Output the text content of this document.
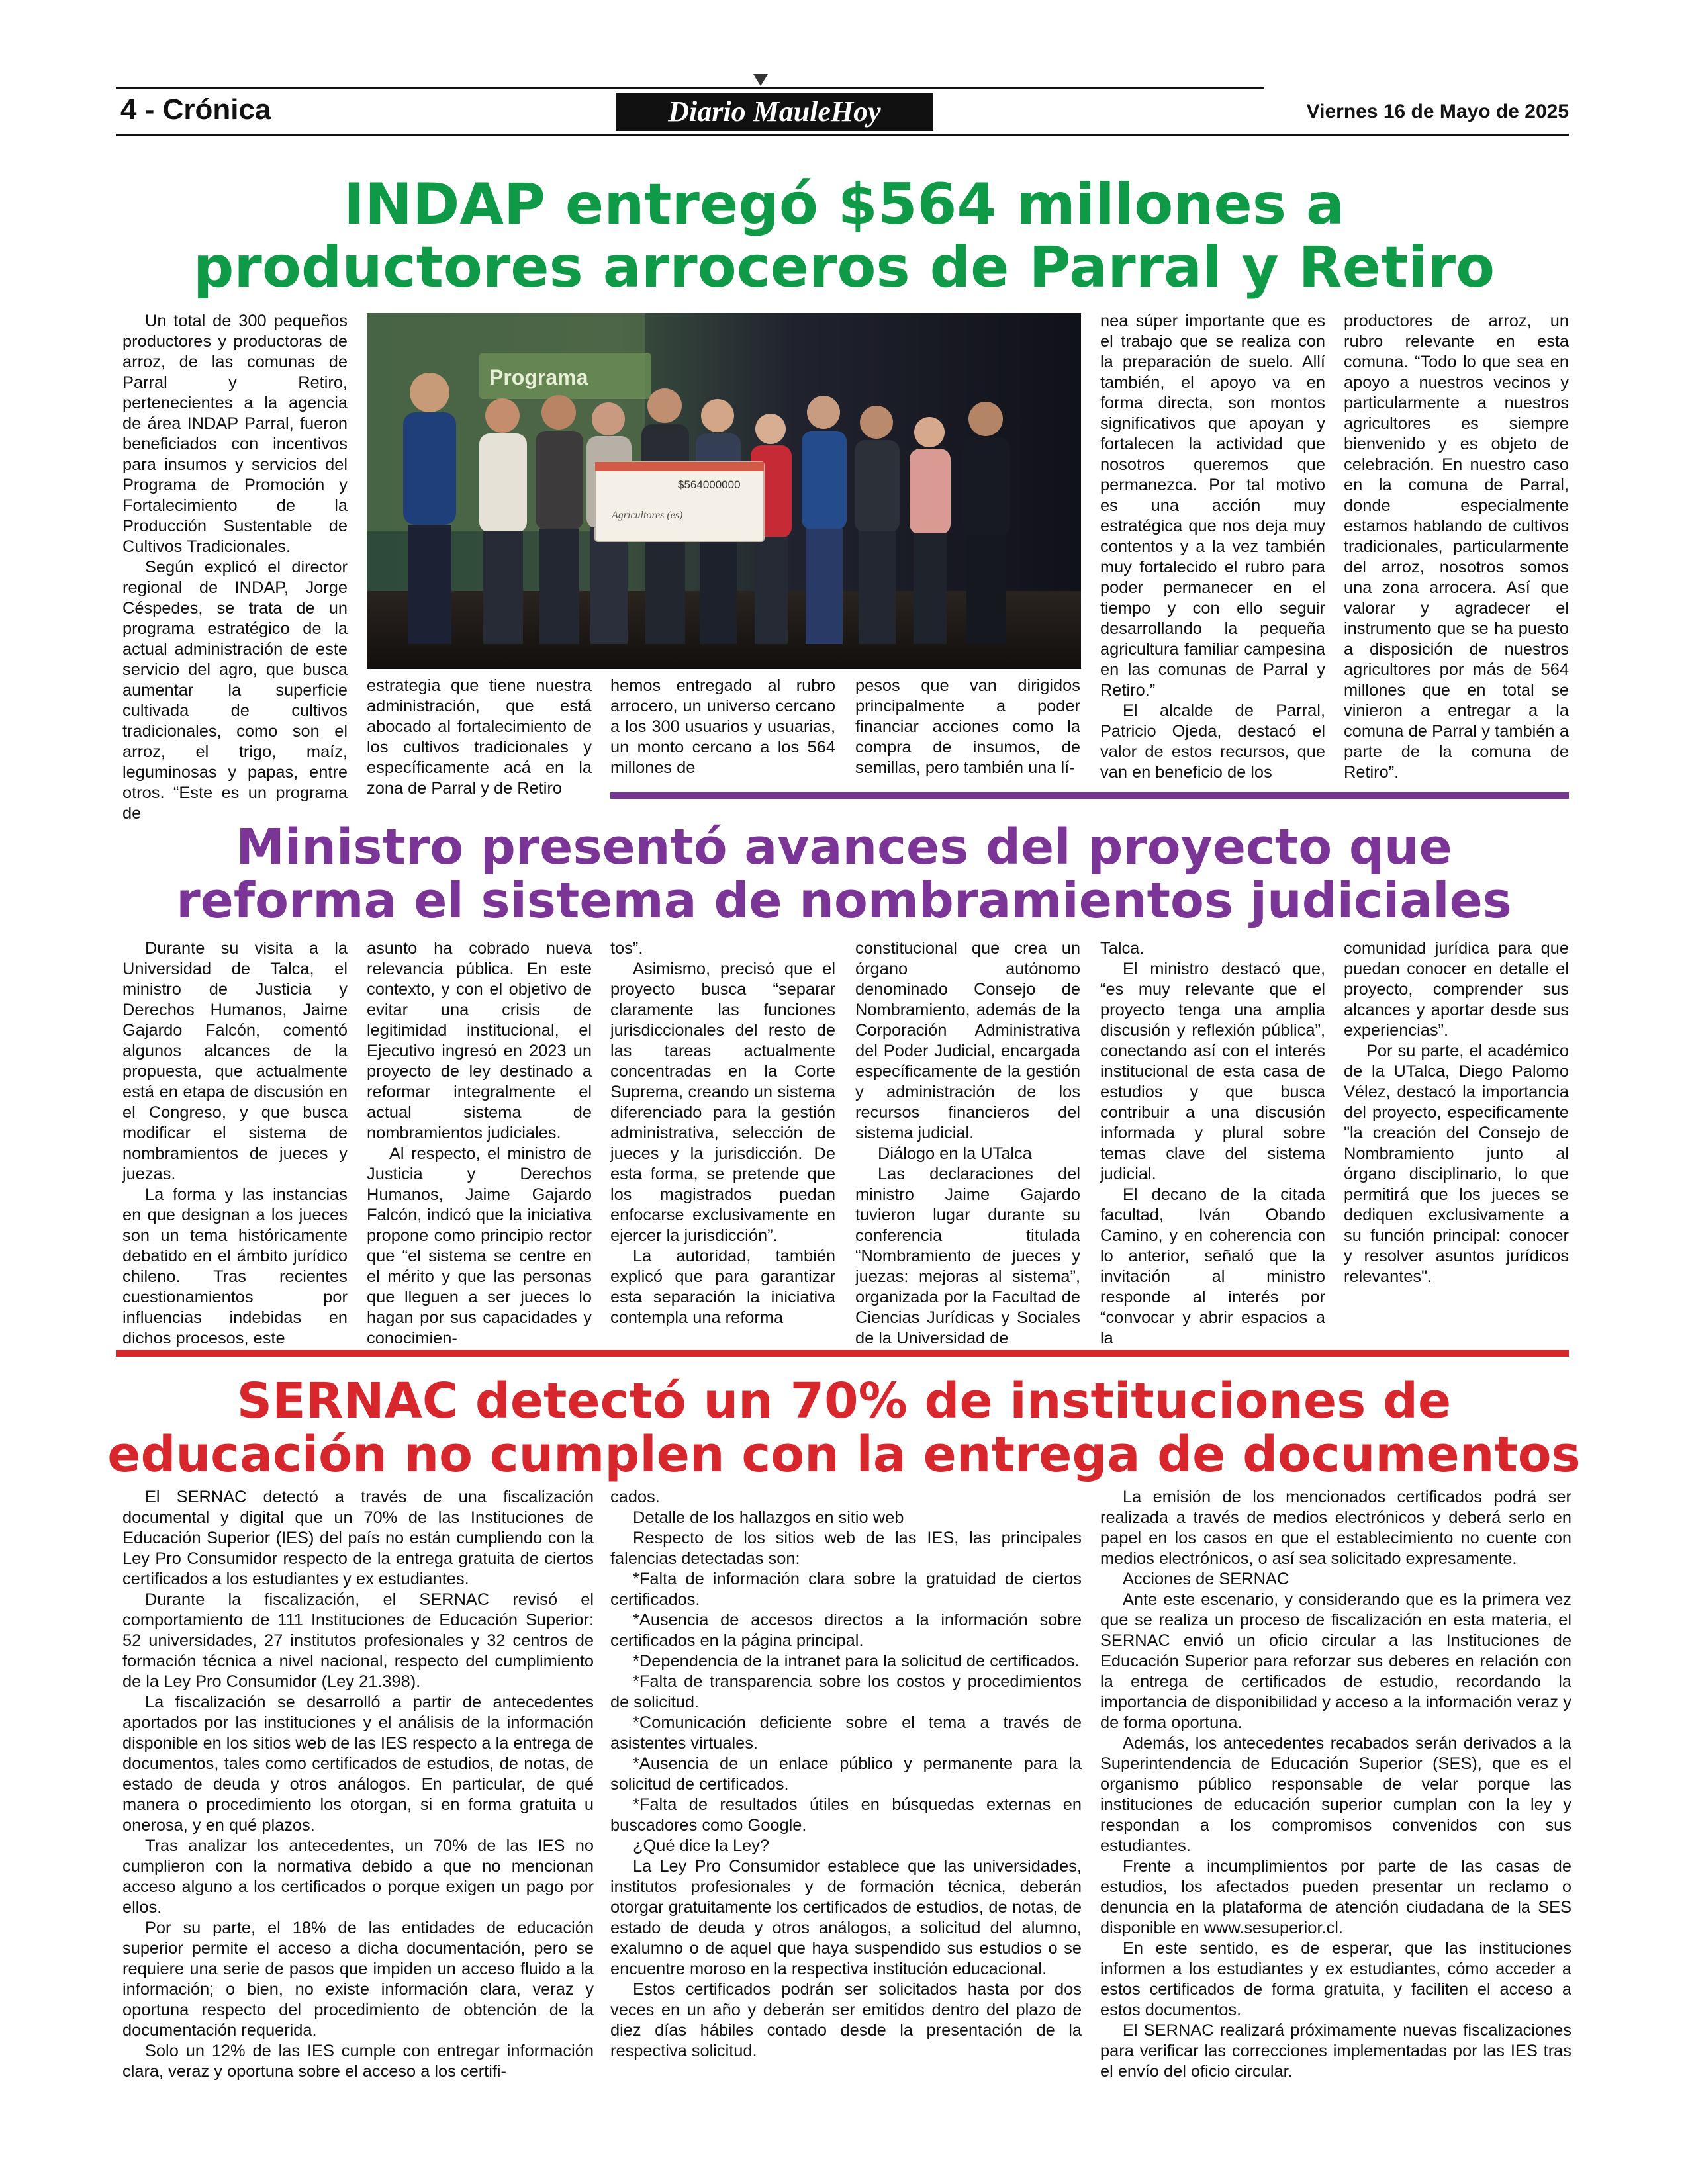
4 - Crónica	Diario MauleHoy	Viernes 16 de Mayo de 2025
INDAP entregó $564 millones a
productores arroceros de Parral y Retiro

Un total de 300 pequeños productores y productoras de arroz, de las comunas de Parral y Retiro, pertenecientes a la agencia de área INDAP Parral, fueron beneficiados con incentivos para insumos y servicios del Programa de Promoción y Fortalecimiento de la Producción Sustentable de Cultivos Tradicionales.

Según explicó el director regional de INDAP, Jorge Céspedes, se trata de un programa estratégico de la actual administración de este servicio del agro, que busca aumentar la superficie cultivada de cultivos tradicionales, como son el arroz, el trigo, maíz, leguminosas y papas, entre otros. “Este es un programa de

Programa
$564000000
Agricultores (es)

estrategia que tiene nuestra administración, que está abocado al fortalecimiento de los cultivos tradicionales y específicamente acá en la zona de Parral y de Retiro

hemos entregado al rubro arrocero, un universo cercano a los 300 usuarios y usuarias, un monto cercano a los 564 millones de

pesos que van dirigidos principalmente a poder financiar acciones como la compra de insumos, de semillas, pero también una lí-

nea súper importante que es el trabajo que se realiza con la preparación de suelo. Allí también, el apoyo va en forma directa, son montos significativos que apoyan y fortalecen la actividad que nosotros queremos que permanezca. Por tal motivo es una acción muy estratégica que nos deja muy contentos y a la vez también muy fortalecido el rubro para poder permanecer en el tiempo y con ello seguir desarrollando la pequeña agricultura familiar campesina en las comunas de Parral y Retiro.”

El alcalde de Parral, Patricio Ojeda, destacó el valor de estos recursos, que van en beneficio de los

productores de arroz, un rubro relevante en esta comuna. “Todo lo que sea en apoyo a nuestros vecinos y particularmente a nuestros agricultores es siempre bienvenido y es objeto de celebración. En nuestro caso en la comuna de Parral, donde especialmente estamos hablando de cultivos tradicionales, particularmente del arroz, nosotros somos una zona arrocera. Así que valorar y agradecer el instrumento que se ha puesto a disposición de nuestros agricultores por más de 564 millones que en total se vinieron a entregar a la comuna de Parral y también a parte de la comuna de Retiro”.

Ministro presentó avances del proyecto que
reforma el sistema de nombramientos judiciales

Durante su visita a la Universidad de Talca, el ministro de Justicia y Derechos Humanos, Jaime Gajardo Falcón, comentó algunos alcances de la propuesta, que actualmente está en etapa de discusión en el Congreso, y que busca modificar el sistema de nombramientos de jueces y juezas.

La forma y las instancias en que designan a los jueces son un tema históricamente debatido en el ámbito jurídico chileno. Tras recientes cuestionamientos por influencias indebidas en dichos procesos, este

asunto ha cobrado nueva relevancia pública. En este contexto, y con el objetivo de evitar una crisis de legitimidad institucional, el Ejecutivo ingresó en 2023 un proyecto de ley destinado a reformar integralmente el actual sistema de nombramientos judiciales.

Al respecto, el ministro de Justicia y Derechos Humanos, Jaime Gajardo Falcón, indicó que la iniciativa propone como principio rector que “el sistema se centre en el mérito y que las personas que lleguen a ser jueces lo hagan por sus capacidades y conocimien-

tos”.

Asimismo, precisó que el proyecto busca “separar claramente las funciones jurisdiccionales del resto de las tareas actualmente concentradas en la Corte Suprema, creando un sistema diferenciado para la gestión administrativa, selección de jueces y la jurisdicción. De esta forma, se pretende que los magistrados puedan enfocarse exclusivamente en ejercer la jurisdicción”.

La autoridad, también explicó que para garantizar esta separación la iniciativa contempla una reforma

constitucional que crea un órgano autónomo denominado Consejo de Nombramiento, además de la Corporación Administrativa del Poder Judicial, encargada específicamente de la gestión y administración de los recursos financieros del sistema judicial.

Diálogo en la UTalca

Las declaraciones del ministro Jaime Gajardo tuvieron lugar durante su conferencia titulada “Nombramiento de jueces y juezas: mejoras al sistema”, organizada por la Facultad de Ciencias Jurídicas y Sociales de la Universidad de

Talca.

El ministro destacó que, “es muy relevante que el proyecto tenga una amplia discusión y reflexión pública”, conectando así con el interés institucional de esta casa de estudios y que busca contribuir a una discusión informada y plural sobre temas clave del sistema judicial.

El decano de la citada facultad, Iván Obando Camino, y en coherencia con lo anterior, señaló que la invitación al ministro responde al interés por “convocar y abrir espacios a la

comunidad jurídica para que puedan conocer en detalle el proyecto, comprender sus alcances y aportar desde sus experiencias”.

Por su parte, el académico de la UTalca, Diego Palomo Vélez, destacó la importancia del proyecto, especificamente "la creación del Consejo de Nombramiento junto al órgano disciplinario, lo que permitirá que los jueces se dediquen exclusivamente a su función principal: conocer y resolver asuntos jurídicos relevantes".

SERNAC detectó un 70% de instituciones de
educación no cumplen con la entrega de documentos

El SERNAC detectó a través de una fiscalización documental y digital que un 70% de las Instituciones de Educación Superior (IES) del país no están cumpliendo con la Ley Pro Consumidor respecto de la entrega gratuita de ciertos certificados a los estudiantes y ex estudiantes.

Durante la fiscalización, el SERNAC revisó el comportamiento de 111 Instituciones de Educación Superior: 52 universidades, 27 institutos profesionales y 32 centros de formación técnica a nivel nacional, respecto del cumplimiento de la Ley Pro Consumidor (Ley 21.398).

La fiscalización se desarrolló a partir de antecedentes aportados por las instituciones y el análisis de la información disponible en los sitios web de las IES respecto a la entrega de documentos, tales como certificados de estudios, de notas, de estado de deuda y otros análogos. En particular, de qué manera o procedimiento los otorgan, si en forma gratuita u onerosa, y en qué plazos.

Tras analizar los antecedentes, un 70% de las IES no cumplieron con la normativa debido a que no mencionan acceso alguno a los certificados o porque exigen un pago por ellos.

Por su parte, el 18% de las entidades de educación superior permite el acceso a dicha documentación, pero se requiere una serie de pasos que impiden un acceso fluido a la información; o bien, no existe información clara, veraz y oportuna respecto del procedimiento de obtención de la documentación requerida.

Solo un 12% de las IES cumple con entregar información clara, veraz y oportuna sobre el acceso a los certifi-

cados.

Detalle de los hallazgos en sitio web

Respecto de los sitios web de las IES, las principales falencias detectadas son:

*Falta de información clara sobre la gratuidad de ciertos certificados.

*Ausencia de accesos directos a la información sobre certificados en la página principal.

*Dependencia de la intranet para la solicitud de certificados.

*Falta de transparencia sobre los costos y procedimientos de solicitud.

*Comunicación deficiente sobre el tema a través de asistentes virtuales.

*Ausencia de un enlace público y permanente para la solicitud de certificados.

*Falta de resultados útiles en búsquedas externas en buscadores como Google.

¿Qué dice la Ley?

La Ley Pro Consumidor establece que las universidades, institutos profesionales y de formación técnica, deberán otorgar gratuitamente los certificados de estudios, de notas, de estado de deuda y otros análogos, a solicitud del alumno, exalumno o de aquel que haya suspendido sus estudios o se encuentre moroso en la respectiva institución educacional.

Estos certificados podrán ser solicitados hasta por dos veces en un año y deberán ser emitidos dentro del plazo de diez días hábiles contado desde la presentación de la respectiva solicitud.

La emisión de los mencionados certificados podrá ser realizada a través de medios electrónicos y deberá serlo en papel en los casos en que el establecimiento no cuente con medios electrónicos, o así sea solicitado expresamente.

Acciones de SERNAC

Ante este escenario, y considerando que es la primera vez que se realiza un proceso de fiscalización en esta materia, el SERNAC envió un oficio circular a las Instituciones de Educación Superior para reforzar sus deberes en relación con la entrega de certificados de estudio, recordando la importancia de disponibilidad y acceso a la información veraz y de forma oportuna.

Además, los antecedentes recabados serán derivados a la Superintendencia de Educación Superior (SES), que es el organismo público responsable de velar porque las instituciones de educación superior cumplan con la ley y respondan a los compromisos convenidos con sus estudiantes.

Frente a incumplimientos por parte de las casas de estudios, los afectados pueden presentar un reclamo o denuncia en la plataforma de atención ciudadana de la SES disponible en www.sesuperior.cl.

En este sentido, es de esperar, que las instituciones informen a los estudiantes y ex estudiantes, cómo acceder a estos certificados de forma gratuita, y faciliten el acceso a estos documentos.

El SERNAC realizará próximamente nuevas fiscalizaciones para verificar las correcciones implementadas por las IES tras el envío del oficio circular.
